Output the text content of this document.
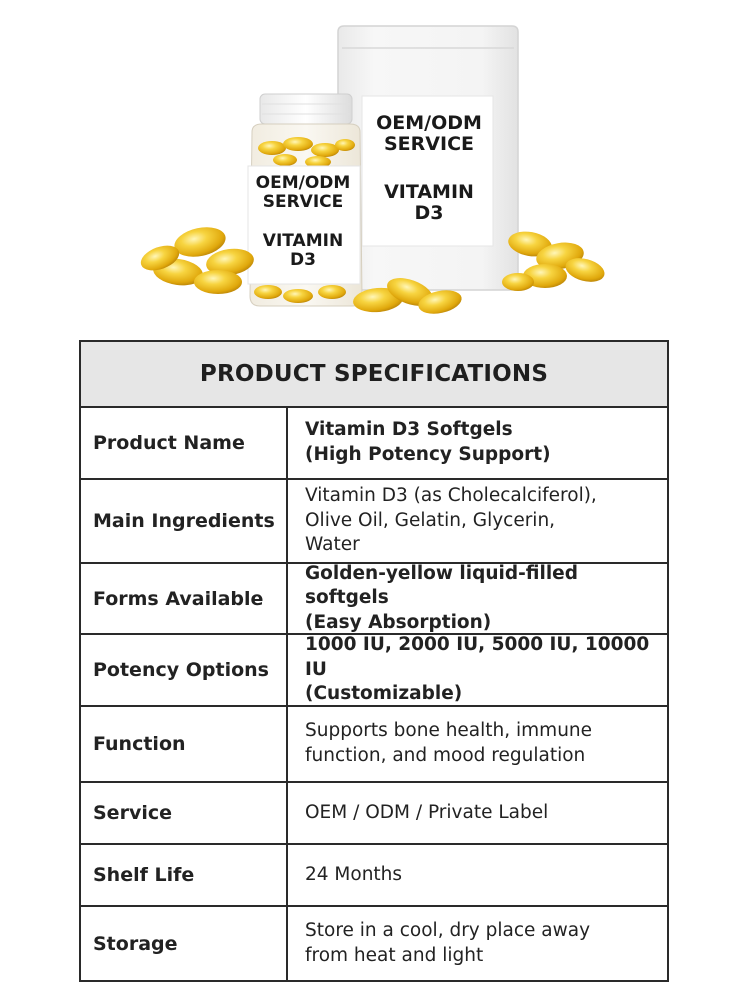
OEM/ODM
SERVICE
VITAMIN
D3
OEM/ODM
SERVICE
VITAMIN
D3
PRODUCT SPECIFICATIONS
Product Name
Vitamin D3 Softgels
(High Potency Support)
Main Ingredients
Vitamin D3 (as Cholecalciferol),
Olive Oil, Gelatin, Glycerin,
Water
Forms Available
Golden-yellow liquid-filled softgels
(Easy Absorption)
Potency Options
1000 IU, 2000 IU, 5000 IU, 10000 IU
(Customizable)
Function
Supports bone health, immune
function, and mood regulation
Service	OEM / ODM / Private Label
Shelf Life	24 Months
Storage
Store in a cool, dry place away
from heat and light
